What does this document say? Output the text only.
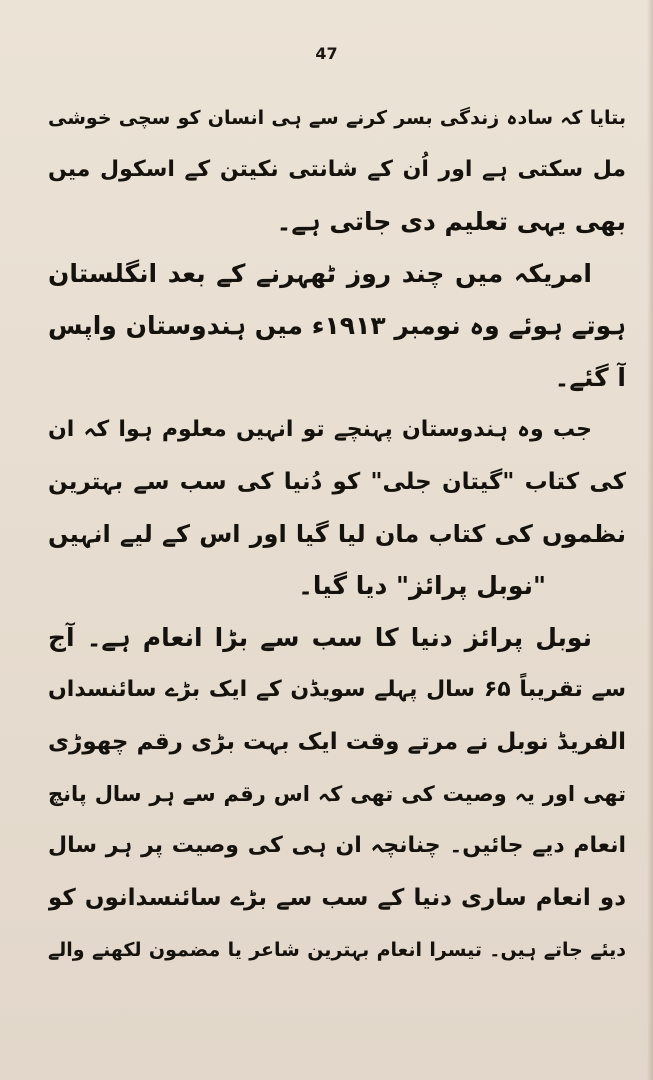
47
بتایا کہ سادہ زندگی بسر کرنے سے ہی انسان کو سچی خوشی
مل سکتی ہے اور اُن کے شانتی نکیتن کے اسکول میں
بھی یہی تعلیم دی جاتی ہے۔
امریکہ میں چند روز ٹھہرنے کے بعد انگلستان
ہوتے ہوئے وہ نومبر ۱۹۱۳ء میں ہندوستان واپس
آ گئے۔
جب وہ ہندوستان پہنچے تو انہیں معلوم ہوا کہ ان
کی کتاب "گیتان جلی" کو دُنیا کی سب سے بہترین
نظموں کی کتاب مان لیا گیا اور اس کے لیے انہیں
"نوبل پرائز" دیا گیا۔
نوبل پرائز دنیا کا سب سے بڑا انعام ہے۔ آج
سے تقریباً ۶۵ سال پہلے سویڈن کے ایک بڑے سائنسداں
الفریڈ نوبل نے مرتے وقت ایک بہت بڑی رقم چھوڑی
تھی اور یہ وصیت کی تھی کہ اس رقم سے ہر سال پانچ
انعام دیے جائیں۔ چنانچہ ان ہی کی وصیت پر ہر سال
دو انعام ساری دنیا کے سب سے بڑے سائنسدانوں کو
دیئے جاتے ہیں۔ تیسرا انعام بہترین شاعر یا مضمون لکھنے والے
